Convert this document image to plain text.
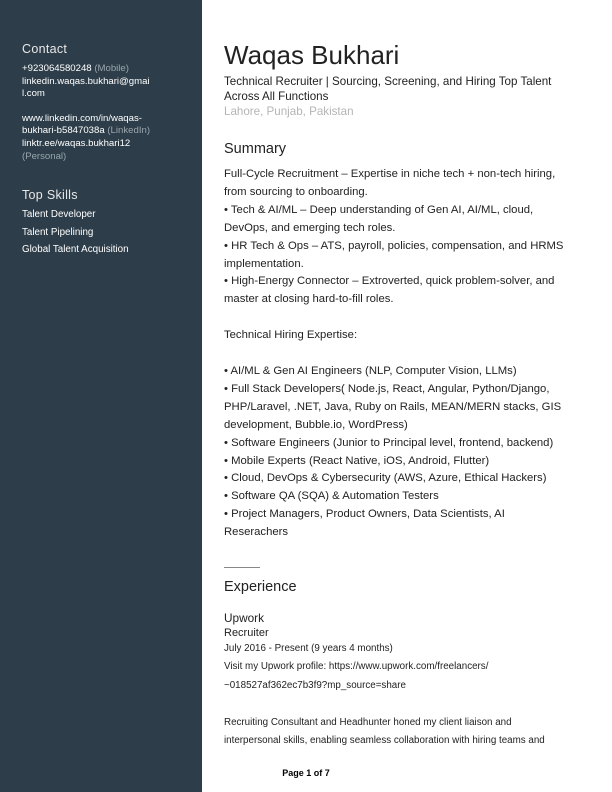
Contact
+923064580248 (Mobile)
linkedin.waqas.bukhari@gmai
l.com
www.linkedin.com/in/waqas-
bukhari-b5847038a (LinkedIn)
linktr.ee/waqas.bukhari12
(Personal)
Top Skills
Talent Developer
Talent Pipelining
Global Talent Acquisition
Waqas Bukhari
Technical Recruiter | Sourcing, Screening, and Hiring Top Talent
Across All Functions
Lahore, Punjab, Pakistan
Summary
Full-Cycle Recruitment – Expertise in niche tech + non-tech hiring,
from sourcing to onboarding.
• Tech & AI/ML – Deep understanding of Gen AI, AI/ML, cloud,
DevOps, and emerging tech roles.
• HR Tech & Ops – ATS, payroll, policies, compensation, and HRMS
implementation.
• High-Energy Connector – Extroverted, quick problem-solver, and
master at closing hard-to-fill roles.

Technical Hiring Expertise:

• AI/ML & Gen AI Engineers (NLP, Computer Vision, LLMs)
• Full Stack Developers( Node.js, React, Angular, Python/Django,
PHP/Laravel, .NET, Java, Ruby on Rails, MEAN/MERN stacks, GIS
development, Bubble.io, WordPress)
• Software Engineers (Junior to Principal level, frontend, backend)
• Mobile Experts (React Native, iOS, Android, Flutter)
• Cloud, DevOps & Cybersecurity (AWS, Azure, Ethical Hackers)
• Software QA (SQA) & Automation Testers
• Project Managers, Product Owners, Data Scientists, AI
Reserachers
Experience
Upwork
Recruiter
July 2016 - Present (9 years 4 months)
Visit my Upwork profile: https://www.upwork.com/freelancers/
~018527af362ec7b3f9?mp_source=share

Recruiting Consultant and Headhunter honed my client liaison and
interpersonal skills, enabling seamless collaboration with hiring teams and
Page 1 of 7
